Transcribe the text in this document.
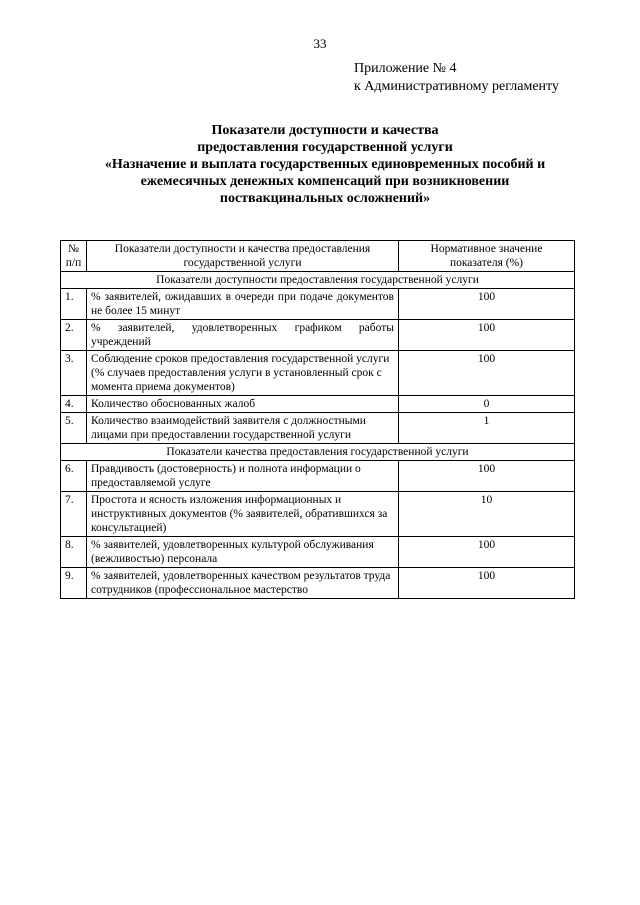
33
Приложение № 4
к Административному регламенту
Показатели доступности и качества
предоставления государственной услуги
«Назначение и выплата государственных единовременных пособий и
ежемесячных денежных компенсаций при возникновении
поствакцинальных осложнений»
№ п/п	Показатели доступности и качества предоставления государственной услуги	Нормативное значение показателя (%)
Показатели доступности предоставления государственной услуги		
1.	% заявителей, ожидавших в очереди при подаче документов не более 15 минут	100
2.	% заявителей, удовлетворенных графиком работы учреждений	100
3.	Соблюдение сроков предоставления государственной услуги (% случаев предоставления услуги в установленный срок с момента приема документов)	100
4.	Количество обоснованных жалоб	0
5.	Количество взаимодействий заявителя с должностными лицами при предоставлении государственной услуги	1
Показатели качества предоставления государственной услуги		
6.	Правдивость (достоверность) и полнота информации о предоставляемой услуге	100
7.	Простота и ясность изложения информационных и инструктивных документов (% заявителей, обратившихся за консультацией)	10
8.	% заявителей, удовлетворенных культурой обслуживания (вежливостью) персонала	100
9.	% заявителей, удовлетворенных качеством результатов труда сотрудников (профессиональное мастерство	100
